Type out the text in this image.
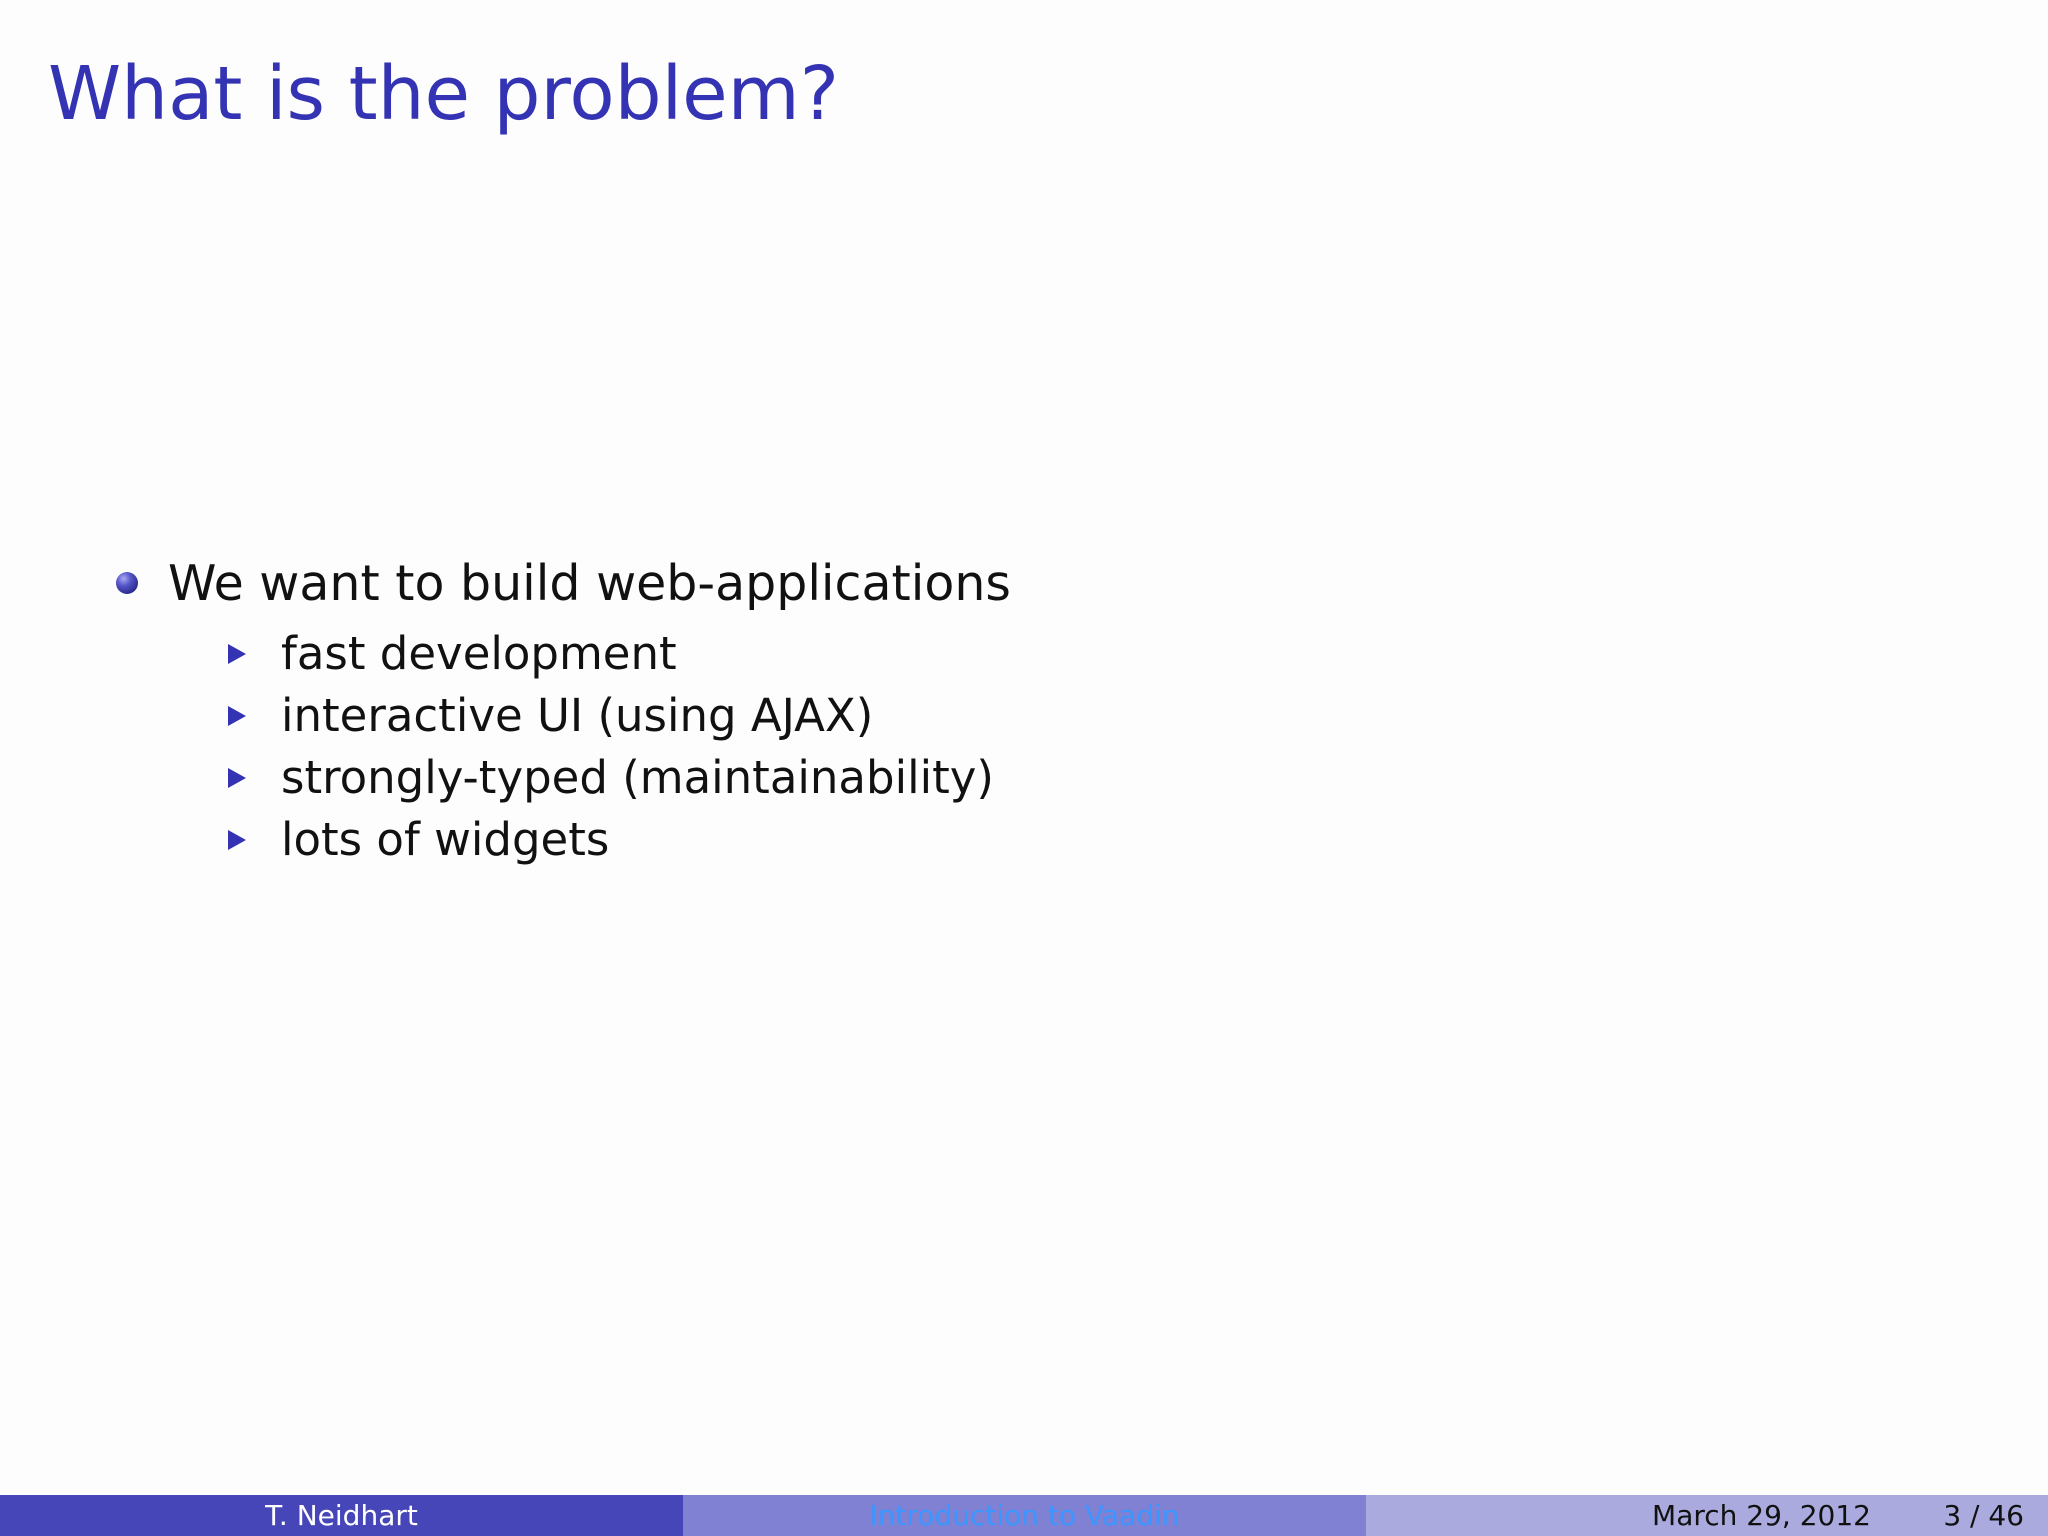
What is the problem?
We want to build web-applications
fast development
interactive UI (using AJAX)
strongly-typed (maintainability)
lots of widgets
T. Neidhart	Introduction to Vaadin	March 29, 2012	3 / 46
